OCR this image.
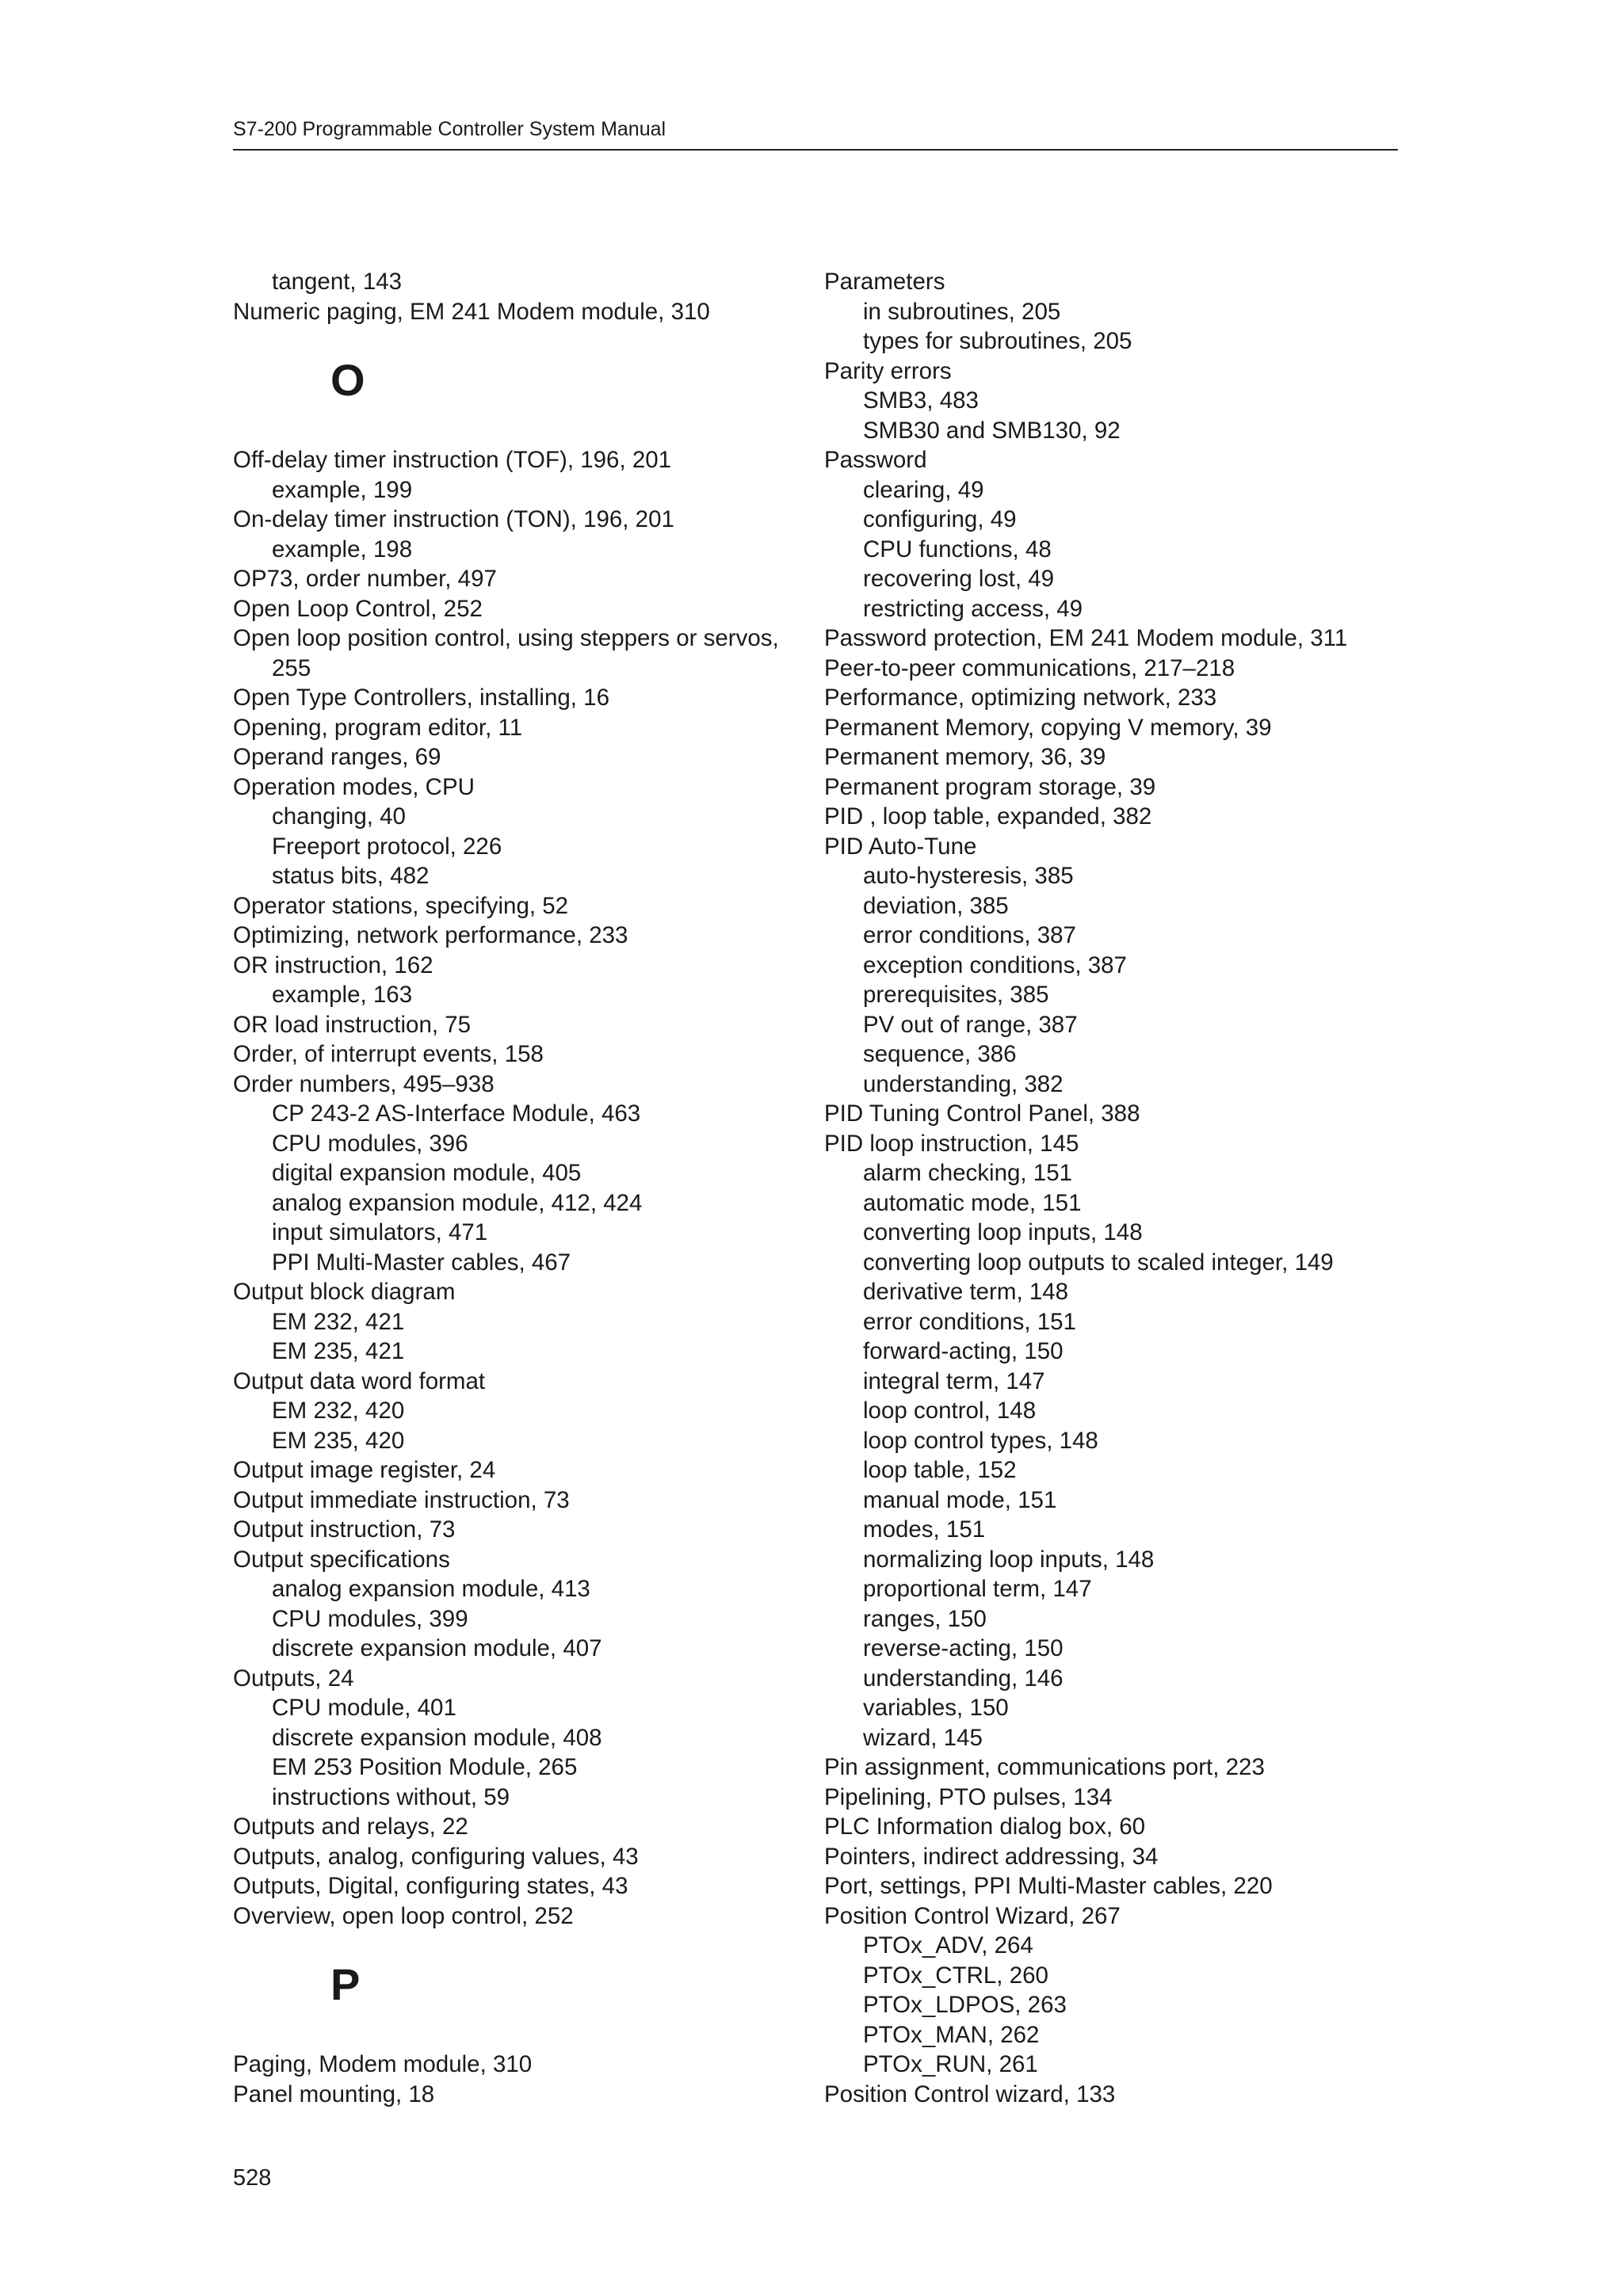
S7-200 Programmable Controller System Manual
tangent, 143
Numeric paging, EM 241 Modem module, 310
O
Off-delay timer instruction (TOF), 196, 201
example, 199
On-delay timer instruction (TON), 196, 201
example, 198
OP73, order number, 497
Open Loop Control, 252
Open loop position control, using steppers or servos,
255
Open Type Controllers, installing, 16
Opening, program editor, 11
Operand ranges, 69
Operation modes, CPU
changing, 40
Freeport protocol, 226
status bits, 482
Operator stations, specifying, 52
Optimizing, network performance, 233
OR instruction, 162
example, 163
OR load instruction, 75
Order, of interrupt events, 158
Order numbers, 495–938
CP 243-2 AS-Interface Module, 463
CPU modules, 396
digital expansion module, 405
analog expansion module, 412, 424
input simulators, 471
PPI Multi-Master cables, 467
Output block diagram
EM 232, 421
EM 235, 421
Output data word format
EM 232, 420
EM 235, 420
Output image register, 24
Output immediate instruction, 73
Output instruction, 73
Output specifications
analog expansion module, 413
CPU modules, 399
discrete expansion module, 407
Outputs, 24
CPU module, 401
discrete expansion module, 408
EM 253 Position Module, 265
instructions without, 59
Outputs and relays, 22
Outputs, analog, configuring values, 43
Outputs, Digital, configuring states, 43
Overview, open loop control, 252
P
Paging, Modem module, 310
Panel mounting, 18
Parameters
in subroutines, 205
types for subroutines, 205
Parity errors
SMB3, 483
SMB30 and SMB130, 92
Password
clearing, 49
configuring, 49
CPU functions, 48
recovering lost, 49
restricting access, 49
Password protection, EM 241 Modem module, 311
Peer-to-peer communications, 217–218
Performance, optimizing network, 233
Permanent Memory, copying V memory, 39
Permanent memory, 36, 39
Permanent program storage, 39
PID , loop table, expanded, 382
PID Auto-Tune
auto-hysteresis, 385
deviation, 385
error conditions, 387
exception conditions, 387
prerequisites, 385
PV out of range, 387
sequence, 386
understanding, 382
PID Tuning Control Panel, 388
PID loop instruction, 145
alarm checking, 151
automatic mode, 151
converting loop inputs, 148
converting loop outputs to scaled integer, 149
derivative term, 148
error conditions, 151
forward-acting, 150
integral term, 147
loop control, 148
loop control types, 148
loop table, 152
manual mode, 151
modes, 151
normalizing loop inputs, 148
proportional term, 147
ranges, 150
reverse-acting, 150
understanding, 146
variables, 150
wizard, 145
Pin assignment, communications port, 223
Pipelining, PTO pulses, 134
PLC Information dialog box, 60
Pointers, indirect addressing, 34
Port, settings, PPI Multi-Master cables, 220
Position Control Wizard, 267
PTOx_ADV, 264
PTOx_CTRL, 260
PTOx_LDPOS, 263
PTOx_MAN, 262
PTOx_RUN, 261
Position Control wizard, 133
528
